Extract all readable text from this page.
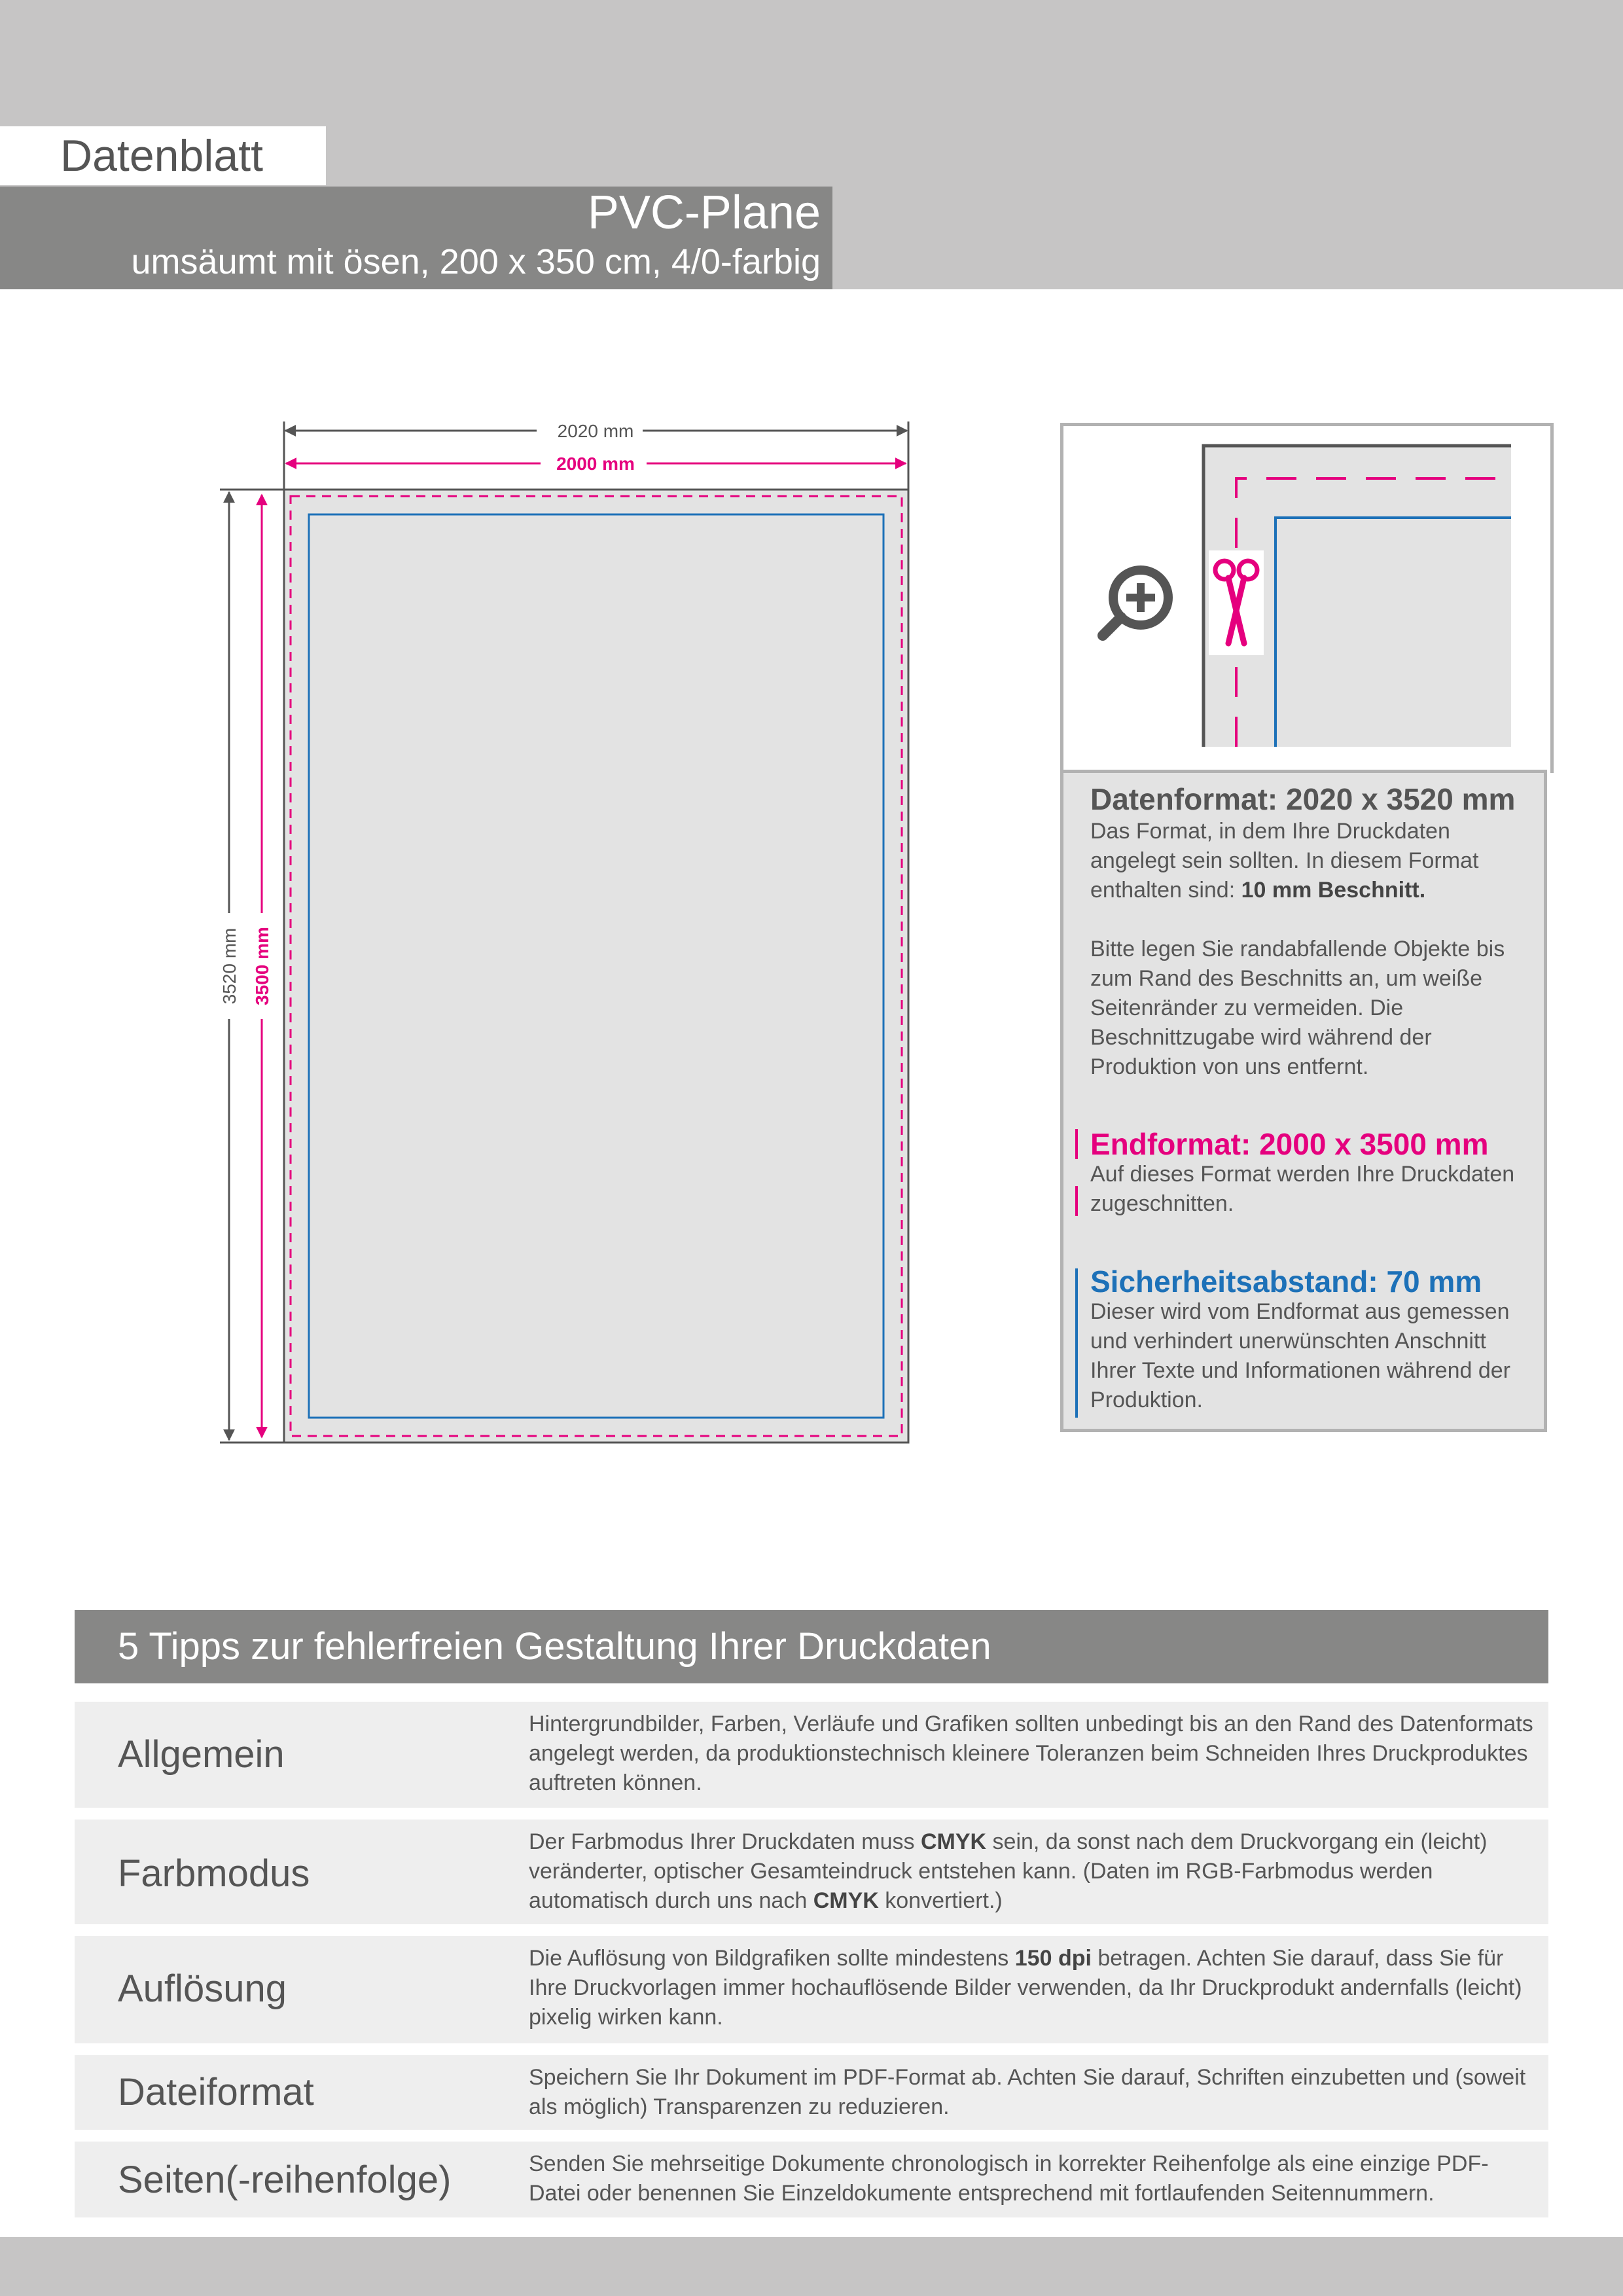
Datenblatt
PVC-Plane
umsäumt mit ösen, 200 x 350 cm, 4/0-farbig
2020 mm
2000 mm
3520 mm 3500 mm
Datenformat: 2020 x 3520 mm
Das Format, in dem Ihre Druckdaten angelegt sein sollten. In diesem Format enthalten sind: 10 mm Beschnitt.
Bitte legen Sie randabfallende Objekte bis zum Rand des Beschnitts an, um weiße Seitenränder zu vermeiden. Die Beschnittzugabe wird während der Produktion von uns entfernt.
Endformat: 2000 x 3500 mm
Auf dieses Format werden Ihre Druckdaten zugeschnitten.
Sicherheitsabstand: 70 mm
Dieser wird vom Endformat aus gemessen und verhindert unerwünschten Anschnitt Ihrer Texte und Informationen während der Produktion.
5 Tipps zur fehlerfreien Gestaltung Ihrer Druckdaten
Allgemein
Hintergrundbilder, Farben, Verläufe und Grafiken sollten unbedingt bis an den Rand des Datenformats angelegt werden, da produktionstechnisch kleinere Toleranzen beim Schneiden Ihres Druckproduktes auftreten können.
Farbmodus
Der Farbmodus Ihrer Druckdaten muss CMYK sein, da sonst nach dem Druckvorgang ein (leicht) veränderter, optischer Gesamteindruck entstehen kann. (Daten im RGB-Farbmodus werden automatisch durch uns nach CMYK konvertiert.)
Auflösung
Die Auflösung von Bildgrafiken sollte mindestens 150 dpi betragen. Achten Sie darauf, dass Sie für Ihre Druckvorlagen immer hochauflösende Bilder verwenden, da Ihr Druckprodukt andernfalls (leicht) pixelig wirken kann.
Dateiformat	Speichern Sie Ihr Dokument im PDF-Format ab. Achten Sie darauf, Schriften einzubetten und (soweit als möglich) Transparenzen zu reduzieren.
Seiten(-reihenfolge)	Senden Sie mehrseitige Dokumente chronologisch in korrekter Reihenfolge als eine einzige PDF-Datei oder benennen Sie Einzeldokumente entsprechend mit fortlaufenden Seitennummern.
